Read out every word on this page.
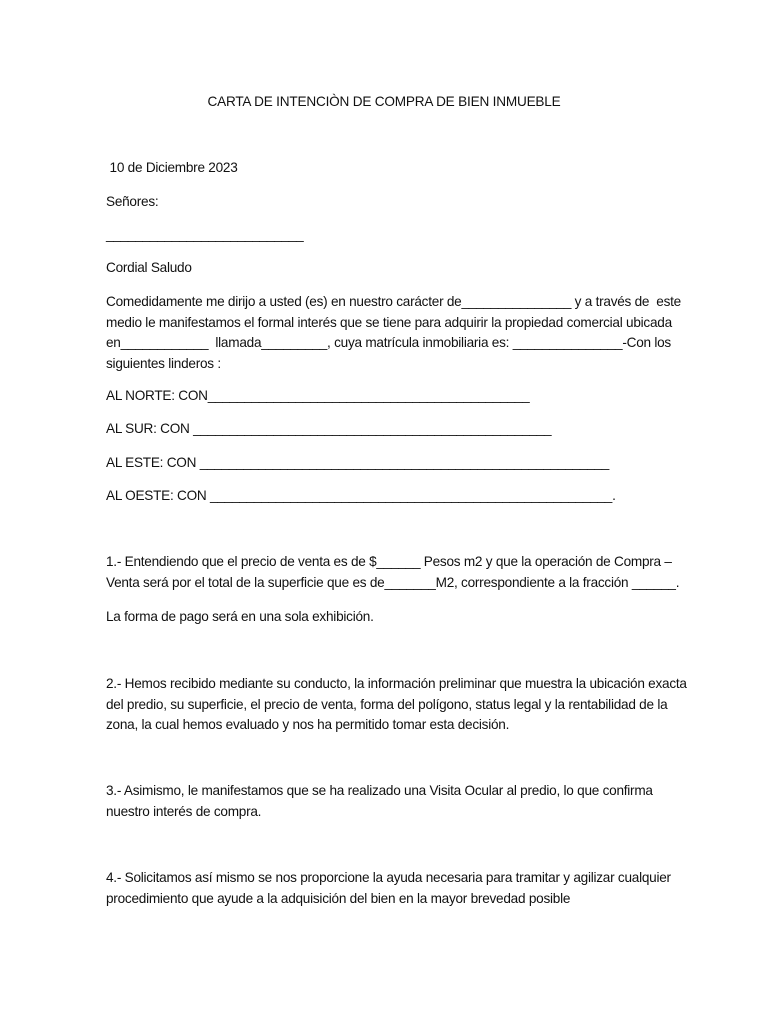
CARTA DE INTENCIÒN DE COMPRA DE BIEN INMUEBLE
10 de Diciembre 2023
Señores:
___________________________
Cordial Saludo
Comedidamente me dirijo a usted (es) en nuestro carácter de_______________ y a través de  este
medio le manifestamos el formal interés que se tiene para adquirir la propiedad comercial ubicada
en____________  llamada_________, cuya matrícula inmobiliaria es: _______________-Con los
siguientes linderos :
AL NORTE: CON____________________________________________
AL SUR: CON _________________________________________________
AL ESTE: CON ________________________________________________________
AL OESTE: CON _______________________________________________________.
1.- Entendiendo que el precio de venta es de $______ Pesos m2 y que la operación de Compra –
Venta será por el total de la superficie que es de_______M2, correspondiente a la fracción ______.
La forma de pago será en una sola exhibición.
2.- Hemos recibido mediante su conducto, la información preliminar que muestra la ubicación exacta
del predio, su superficie, el precio de venta, forma del polígono, status legal y la rentabilidad de la
zona, la cual hemos evaluado y nos ha permitido tomar esta decisión.
3.- Asimismo, le manifestamos que se ha realizado una Visita Ocular al predio, lo que confirma
nuestro interés de compra.
4.- Solicitamos así mismo se nos proporcione la ayuda necesaria para tramitar y agilizar cualquier
procedimiento que ayude a la adquisición del bien en la mayor brevedad posible
